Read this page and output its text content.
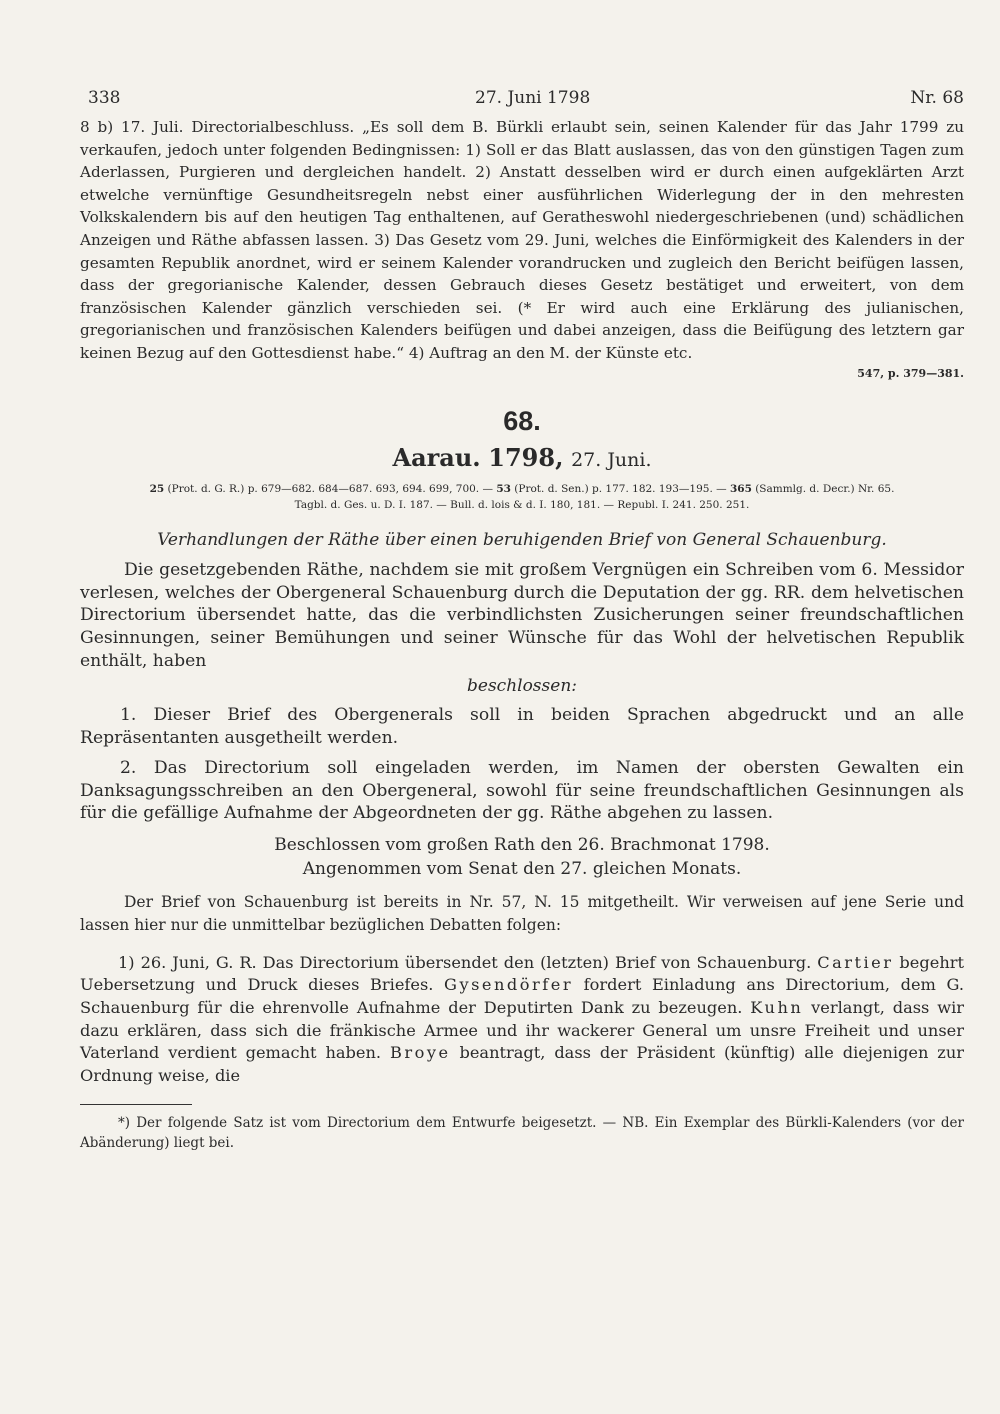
338	27. Juni 1798	Nr. 68

8 b) 17. Juli. Directorialbeschluss. „Es soll dem B. Bürkli erlaubt sein, seinen Kalender für das Jahr 1799 zu verkaufen, jedoch unter folgenden Bedingnissen: 1) Soll er das Blatt auslassen, das von den günstigen Tagen zum Aderlassen, Purgieren und dergleichen handelt. 2) Anstatt desselben wird er durch einen aufgeklärten Arzt etwelche vernünftige Gesundheitsregeln nebst einer ausführlichen Widerlegung der in den mehresten Volkskalendern bis auf den heutigen Tag enthaltenen, auf Geratheswohl niedergeschriebenen (und) schädlichen Anzeigen und Räthe abfassen lassen. 3) Das Gesetz vom 29. Juni, welches die Einförmigkeit des Kalenders in der gesamten Republik anordnet, wird er seinem Kalender vorandrucken und zugleich den Bericht beifügen lassen, dass der gregorianische Kalender, dessen Gebrauch dieses Gesetz bestätiget und erweitert, von dem französischen Kalender gänzlich verschieden sei. (* Er wird auch eine Erklärung des julianischen, gregorianischen und französischen Kalenders beifügen und dabei anzeigen, dass die Beifügung des letztern gar keinen Bezug auf den Gottesdienst habe.“ 4) Auftrag an den M. der Künste etc.
547, p. 379—381.

68.
Aarau. 1798, 27. Juni.
25 (Prot. d. G. R.) p. 679—682. 684—687. 693, 694. 699, 700. — 53 (Prot. d. Sen.) p. 177. 182. 193—195. — 365 (Sammlg. d. Decr.) Nr. 65.
Tagbl. d. Ges. u. D. I. 187. — Bull. d. lois & d. I. 180, 181. — Republ. I. 241. 250. 251.
Verhandlungen der Räthe über einen beruhigenden Brief von General Schauenburg.

Die gesetzgebenden Räthe, nachdem sie mit großem Vergnügen ein Schreiben vom 6. Messidor verlesen, welches der Obergeneral Schauenburg durch die Deputation der gg. RR. dem helvetischen Directorium übersendet hatte, das die verbindlichsten Zusicherungen seiner freundschaftlichen Gesinnungen, seiner Bemühungen und seiner Wünsche für das Wohl der helvetischen Republik enthält, haben

beschlossen:

1. Dieser Brief des Obergenerals soll in beiden Sprachen abgedruckt und an alle Repräsentanten ausgetheilt werden.

2. Das Directorium soll eingeladen werden, im Namen der obersten Gewalten ein Danksagungsschreiben an den Obergeneral, sowohl für seine freundschaftlichen Gesinnungen als für die gefällige Aufnahme der Abgeordneten der gg. Räthe abgehen zu lassen.

Beschlossen vom großen Rath den 26. Brachmonat 1798.
Angenommen vom Senat den 27. gleichen Monats.

Der Brief von Schauenburg ist bereits in Nr. 57, N. 15 mitgetheilt. Wir verweisen auf jene Serie und lassen hier nur die unmittelbar bezüglichen Debatten folgen:

1) 26. Juni, G. R. Das Directorium übersendet den (letzten) Brief von Schauenburg. Cartier begehrt Uebersetzung und Druck dieses Briefes. Gysendörfer fordert Einladung ans Directorium, dem G. Schauenburg für die ehrenvolle Aufnahme der Deputirten Dank zu bezeugen. Kuhn verlangt, dass wir dazu erklären, dass sich die fränkische Armee und ihr wackerer General um unsre Freiheit und unser Vaterland verdient gemacht haben. Broye beantragt, dass der Präsident (künftig) alle diejenigen zur Ordnung weise, die

*) Der folgende Satz ist vom Directorium dem Entwurfe beigesetzt. — NB. Ein Exemplar des Bürkli-Kalenders (vor der Abänderung) liegt bei.
